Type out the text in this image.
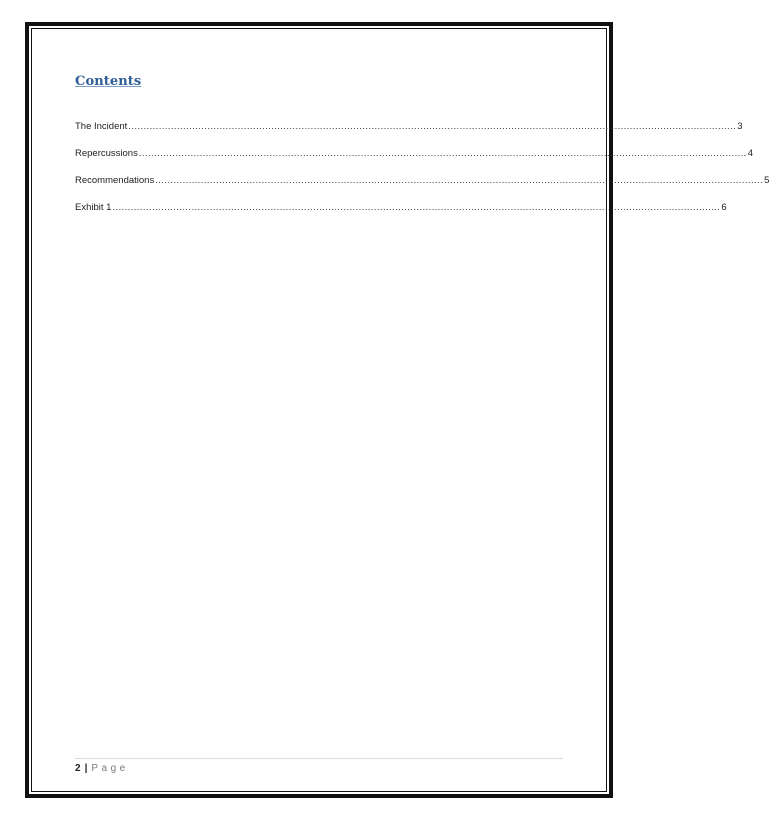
Contents
The Incident ........................................................................................................................................................................................................ 3
Repercussions ........................................................................................................................................................................................................ 4
Recommendations ........................................................................................................................................................................................................ 5
Exhibit 1 ........................................................................................................................................................................................................ 6
2 | Page
